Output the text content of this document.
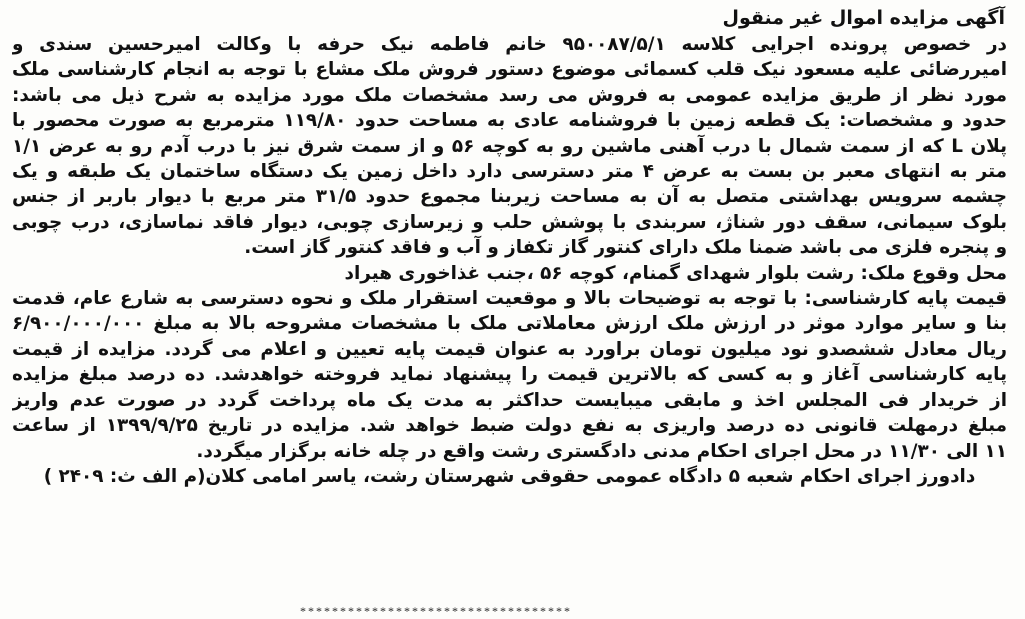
آگهی مزایده اموال غیر منقول
در خصوص پرونده اجرایی کلاسه ۹۵۰۰۸۷/۵/۱ خانم فاطمه نیک حرفه با وکالت امیرحسین سندی و
امیررضائی علیه مسعود نیک قلب کسمائی موضوع دستور فروش ملک مشاع با توجه به انجام کارشناسی ملک
مورد نظر از طریق مزایده عمومی به فروش می رسد مشخصات ملک مورد مزایده به شرح ذیل می باشد:
حدود و مشخصات: یک قطعه زمین با فروشنامه عادی به مساحت حدود ۱۱۹/۸۰ مترمربع به صورت محصور با
پلان L که از سمت شمال با درب آهنی ماشین رو به کوچه ۵۶ و از سمت شرق نیز با درب آدم رو به عرض ۱/۱
متر به انتهای معبر بن بست به عرض ۴ متر دسترسی دارد داخل زمین یک دستگاه ساختمان یک طبقه و یک
چشمه سرویس بهداشتی متصل به آن به مساحت زیربنا مجموع حدود ۳۱/۵ متر مربع با دیوار باربر از جنس
بلوک سیمانی، سقف دور شناژ، سربندی با پوشش حلب و زیرسازی چوبی، دیوار فاقد نماسازی، درب چوبی
و پنجره فلزی می باشد ضمنا ملک دارای کنتور گاز تکفاز و آب و فاقد کنتور گاز است.
محل وقوع ملک: رشت بلوار شهدای گمنام، کوچه ۵۶ ،جنب غذاخوری هیراد
قیمت پایه کارشناسی: با توجه به توضیحات بالا و موقعیت استقرار ملک و نحوه دسترسی به شارع عام، قدمت
بنا و سایر موارد موثر در ارزش ملک ارزش معاملاتی ملک با مشخصات مشروحه بالا به مبلغ ۶/۹۰۰/۰۰۰/۰۰۰
ریال معادل ششصدو نود میلیون تومان براورد به عنوان قیمت پایه تعیین و اعلام می گردد. مزایده از قیمت
پایه کارشناسی آغاز و به کسی که بالاترین قیمت را پیشنهاد نماید فروخته خواهدشد. ده درصد مبلغ مزایده
از خریدار فی المجلس اخذ و مابقی میبایست حداکثر به مدت یک ماه پرداخت گردد در صورت عدم واریز
مبلغ درمهلت قانونی ده درصد واریزی به نفع دولت ضبط خواهد شد. مزایده در تاریخ ۱۳۹۹/۹/۲۵ از ساعت
۱۱ الی ۱۱/۳۰ در محل اجرای احکام مدنی دادگستری رشت واقع در چله خانه برگزار میگردد.
دادورز اجرای احکام شعبه ۵ دادگاه عمومی حقوقی شهرستان رشت، یاسر امامی کلان(م الف ث: ۲۴۰۹ )
**********************************
